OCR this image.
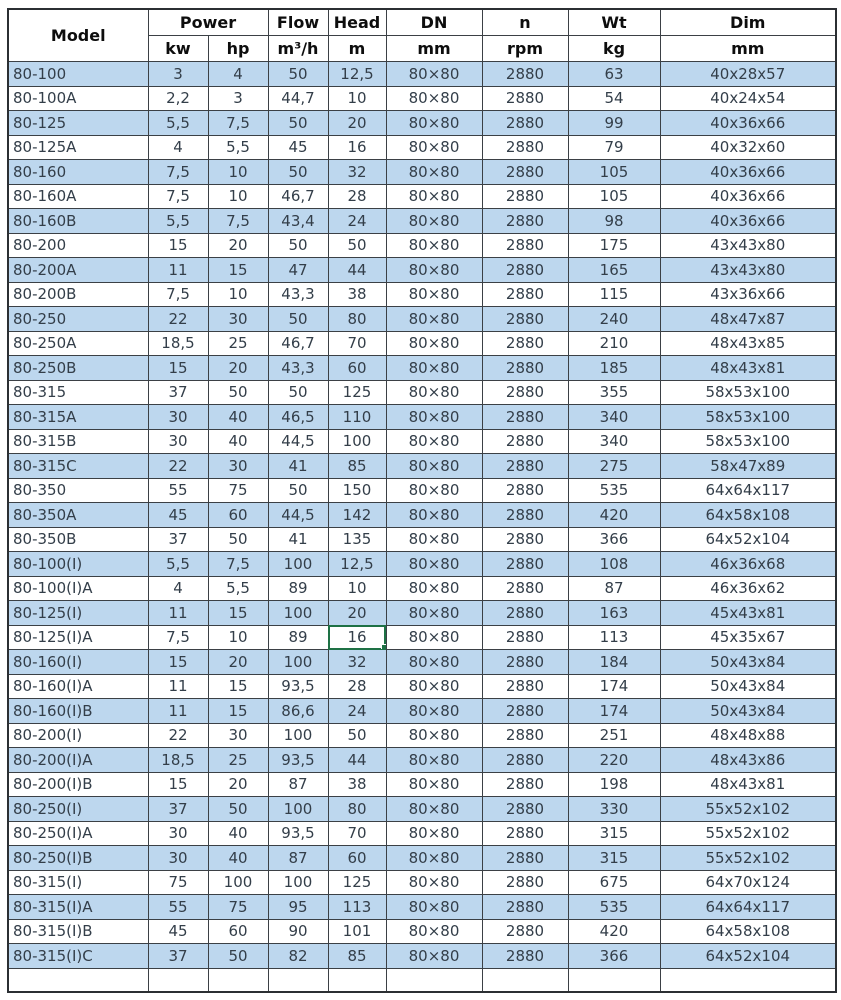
Model	Power		Flow	Head	DN	n	Wt	Dim
	kw	hp	m³/h	m	mm	rpm	kg	mm
80-100	3	4	50	12,5	80×80	2880	63	40x28x57
80-100A	2,2	3	44,7	10	80×80	2880	54	40x24x54
80-125	5,5	7,5	50	20	80×80	2880	99	40x36x66
80-125A	4	5,5	45	16	80×80	2880	79	40x32x60
80-160	7,5	10	50	32	80×80	2880	105	40x36x66
80-160A	7,5	10	46,7	28	80×80	2880	105	40x36x66
80-160B	5,5	7,5	43,4	24	80×80	2880	98	40x36x66
80-200	15	20	50	50	80×80	2880	175	43x43x80
80-200A	11	15	47	44	80×80	2880	165	43x43x80
80-200B	7,5	10	43,3	38	80×80	2880	115	43x36x66
80-250	22	30	50	80	80×80	2880	240	48x47x87
80-250A	18,5	25	46,7	70	80×80	2880	210	48x43x85
80-250B	15	20	43,3	60	80×80	2880	185	48x43x81
80-315	37	50	50	125	80×80	2880	355	58x53x100
80-315A	30	40	46,5	110	80×80	2880	340	58x53x100
80-315B	30	40	44,5	100	80×80	2880	340	58x53x100
80-315C	22	30	41	85	80×80	2880	275	58x47x89
80-350	55	75	50	150	80×80	2880	535	64x64x117
80-350A	45	60	44,5	142	80×80	2880	420	64x58x108
80-350B	37	50	41	135	80×80	2880	366	64x52x104
80-100(I)	5,5	7,5	100	12,5	80×80	2880	108	46x36x68
80-100(I)A	4	5,5	89	10	80×80	2880	87	46x36x62
80-125(I)	11	15	100	20	80×80	2880	163	45x43x81
80-125(I)A	7,5	10	89	16	80×80	2880	113	45x35x67
80-160(I)	15	20	100	32	80×80	2880	184	50x43x84
80-160(I)A	11	15	93,5	28	80×80	2880	174	50x43x84
80-160(I)B	11	15	86,6	24	80×80	2880	174	50x43x84
80-200(I)	22	30	100	50	80×80	2880	251	48x48x88
80-200(I)A	18,5	25	93,5	44	80×80	2880	220	48x43x86
80-200(I)B	15	20	87	38	80×80	2880	198	48x43x81
80-250(I)	37	50	100	80	80×80	2880	330	55x52x102
80-250(I)A	30	40	93,5	70	80×80	2880	315	55x52x102
80-250(I)B	30	40	87	60	80×80	2880	315	55x52x102
80-315(I)	75	100	100	125	80×80	2880	675	64x70x124
80-315(I)A	55	75	95	113	80×80	2880	535	64x64x117
80-315(I)B	45	60	90	101	80×80	2880	420	64x58x108
80-315(I)C	37	50	82	85	80×80	2880	366	64x52x104
